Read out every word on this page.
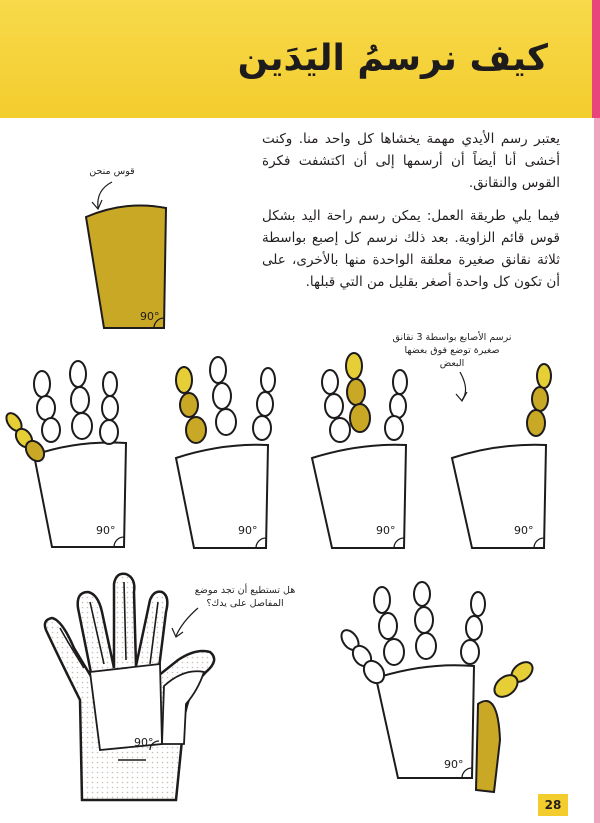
كيف نرسمُ اليَدَين
يعتبر رسم الأيدي مهمة يخشاها كل واحد منا. وكنت أخشى أنا أيضاً أن أرسمها إلى أن اكتشفت فكرة القوس والنقانق.
فيما يلي طريقة العمل: يمكن رسم راحة اليد بشكل قوس قائم الزاوية. بعد ذلك نرسم كل إصبع بواسطة ثلاثة نقانق صغيرة معلقة الواحدة منها بالأخرى، على أن تكون كل واحدة أصغر بقليل من التي قبلها.
قوس منحن
نرسم الأصابع بواسطة 3 نقانق صغيرة توضع فوق بعضها البعض
هل تستطيع أن تجد موضع المفاصل على يدك؟
90°
90°	90°	90°	90°
90°
90°
28
